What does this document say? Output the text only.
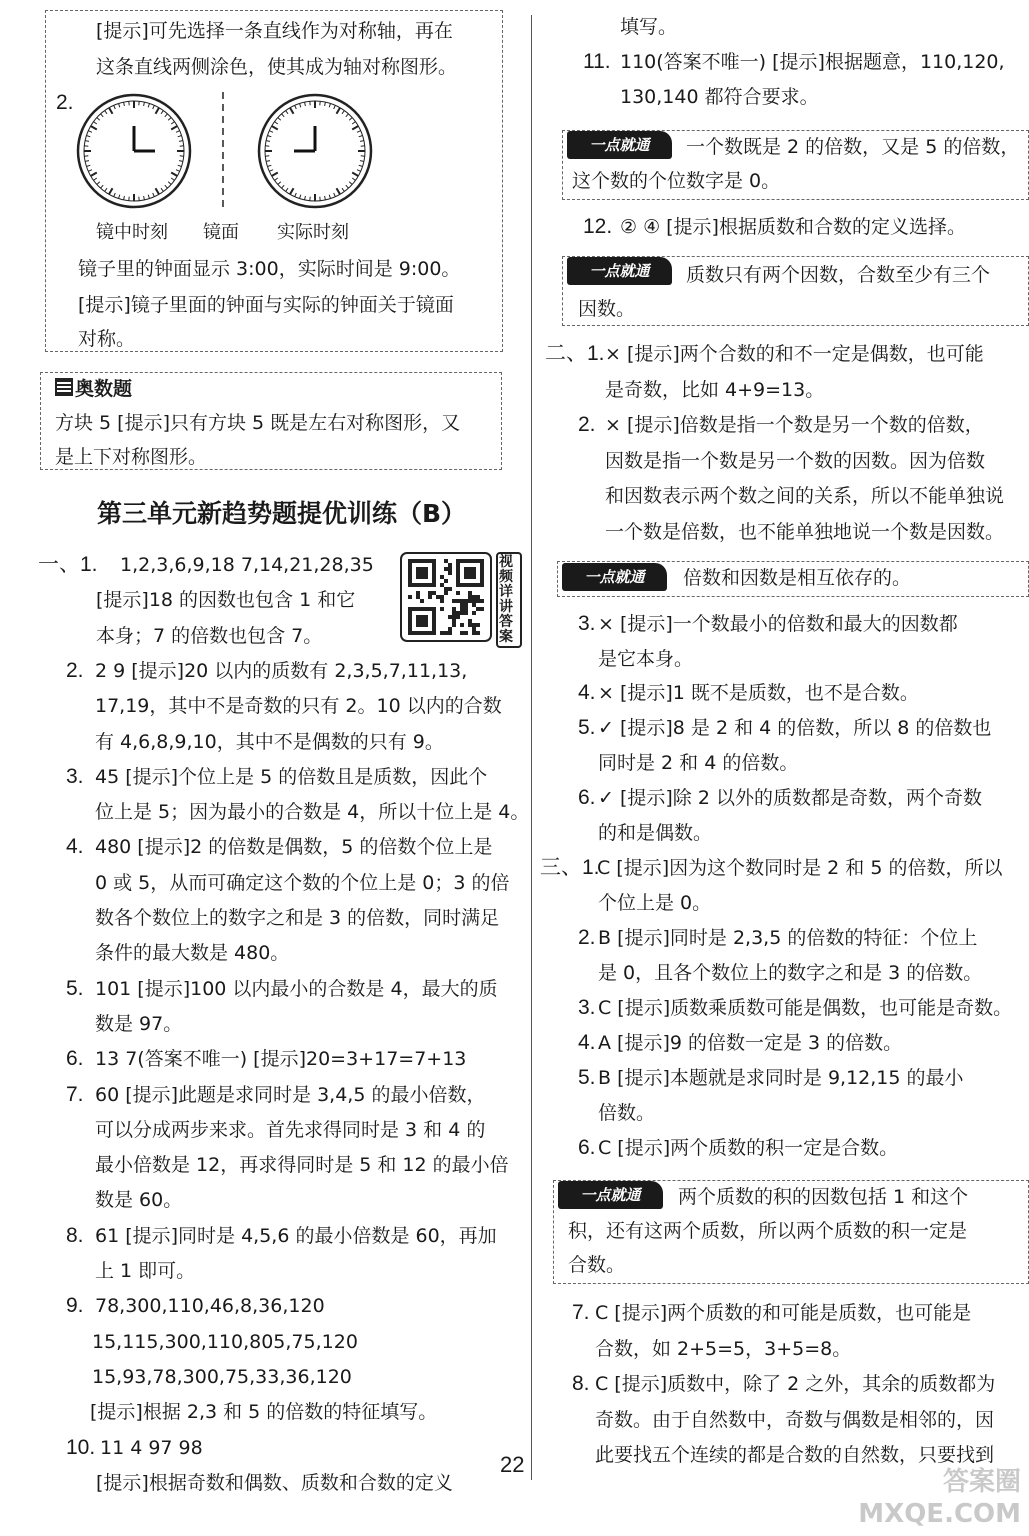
[提示]可先选择一条直线作为对称轴，再在
这条直线两侧涂色，使其成为轴对称图形。
2.
镜中时刻 镜面 实际时刻
镜子里的钟面显示 3:00，实际时间是 9:00。
[提示]镜子里面的钟面与实际的钟面关于镜面
对称。
奥数题
方块 5 [提示]只有方块 5 既是左右对称图形，又
是上下对称图形。
第三单元新趋势题提优训练（B）
一、1. 1,2,3,6,9,18 7,14,21,28,35
[提示]18 的因数也包含 1 和它
本身；7 的倍数也包含 7。
2. 2 9 [提示]20 以内的质数有 2,3,5,7,11,13,
17,19，其中不是奇数的只有 2。10 以内的合数
有 4,6,8,9,10，其中不是偶数的只有 9。
3. 45 [提示]个位上是 5 的倍数且是质数，因此个
位上是 5；因为最小的合数是 4，所以十位上是 4。
4. 480 [提示]2 的倍数是偶数，5 的倍数个位上是
0 或 5，从而可确定这个数的个位上是 0；3 的倍
数各个数位上的数字之和是 3 的倍数，同时满足
条件的最大数是 480。
5. 101 [提示]100 以内最小的合数是 4，最大的质
数是 97。
6. 13 7(答案不唯一) [提示]20=3+17=7+13
7. 60 [提示]此题是求同时是 3,4,5 的最小倍数，
可以分成两步来求。首先求得同时是 3 和 4 的
最小倍数是 12，再求得同时是 5 和 12 的最小倍
数是 60。
8. 61 [提示]同时是 4,5,6 的最小倍数是 60，再加
上 1 即可。
9. 78,300,110,46,8,36,120
15,115,300,110,805,75,120
15,93,78,300,75,33,36,120
[提示]根据 2,3 和 5 的倍数的特征填写。
10. 11 4 97 98
[提示]根据奇数和偶数、质数和合数的定义
视频详讲答案
填写。
11. 110(答案不唯一) [提示]根据题意，110,120,
130,140 都符合要求。
一点就通	一个数既是 2 的倍数，又是 5 的倍数，
这个数的个位数字是 0。
12. ② ④ [提示]根据质数和合数的定义选择。
一点就通	质数只有两个因数，合数至少有三个
因数。
二、1. × [提示]两个合数的和不一定是偶数，也可能
是奇数，比如 4+9=13。
2. × [提示]倍数是指一个数是另一个数的倍数，
因数是指一个数是另一个数的因数。因为倍数
和因数表示两个数之间的关系，所以不能单独说
一个数是倍数，也不能单独地说一个数是因数。
一点就通	倍数和因数是相互依存的。
3. × [提示]一个数最小的倍数和最大的因数都
是它本身。
4. × [提示]1 既不是质数，也不是合数。
5. ✓ [提示]8 是 2 和 4 的倍数，所以 8 的倍数也
同时是 2 和 4 的倍数。
6. ✓ [提示]除 2 以外的质数都是奇数，两个奇数
的和是偶数。
三、1.
C [提示]因为这个数同时是 2 和 5 的倍数，所以
个位上是 0。
2. B [提示]同时是 2,3,5 的倍数的特征：个位上
是 0，且各个数位上的数字之和是 3 的倍数。
3. C [提示]质数乘质数可能是偶数，也可能是奇数。
4. A [提示]9 的倍数一定是 3 的倍数。
5. B [提示]本题就是求同时是 9,12,15 的最小
倍数。
6. C [提示]两个质数的积一定是合数。
一点就通	两个质数的积的因数包括 1 和这个
积，还有这两个质数，所以两个质数的积一定是
合数。
7. C [提示]两个质数的和可能是质数，也可能是
合数，如 2+5=5，3+5=8。
8. C [提示]质数中，除了 2 之外，其余的质数都为
奇数。由于自然数中，奇数与偶数是相邻的，因
此要找五个连续的都是合数的自然数，只要找到
22
答案圈 MXQE.COM
